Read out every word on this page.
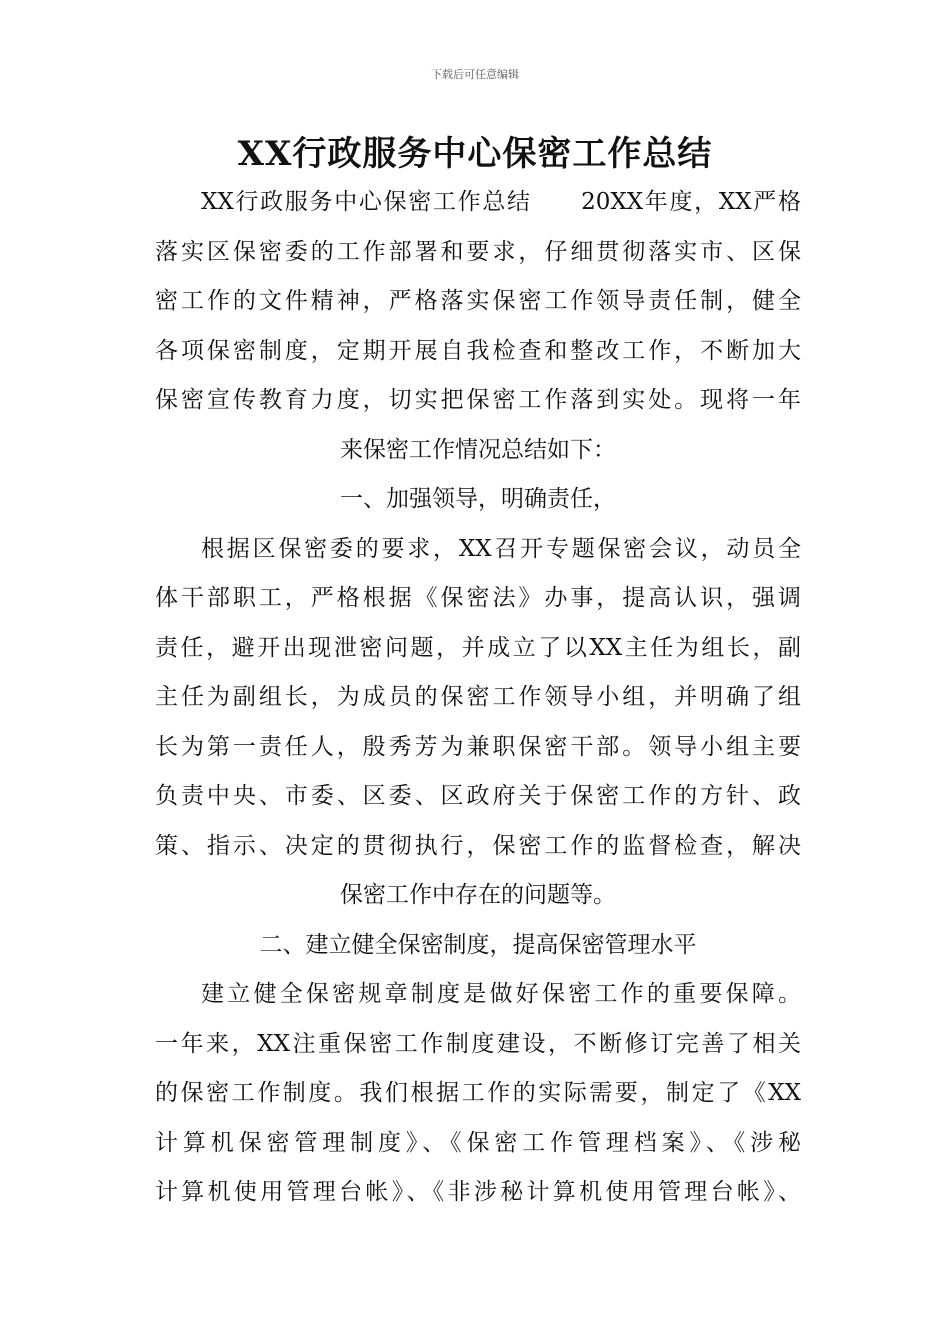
下载后可任意编辑
XX行政服务中心保密工作总结
XX行政服务中心保密工作总结　　20XX年度，XX严格
落实区保密委的工作部署和要求，仔细贯彻落实市、区保
密工作的文件精神，严格落实保密工作领导责任制，健全
各项保密制度，定期开展自我检查和整改工作，不断加大
保密宣传教育力度，切实把保密工作落到实处。现将一年
来保密工作情况总结如下：
一、加强领导，明确责任，
根据区保密委的要求，XX召开专题保密会议，动员全
体干部职工，严格根据《保密法》办事，提高认识，强调
责任，避开出现泄密问题，并成立了以XX主任为组长，副
主任为副组长，为成员的保密工作领导小组，并明确了组
长为第一责任人，殷秀芳为兼职保密干部。领导小组主要
负责中央、市委、区委、区政府关于保密工作的方针、政
策、指示、决定的贯彻执行，保密工作的监督检查，解决
保密工作中存在的问题等。
二、建立健全保密制度，提高保密管理水平
建立健全保密规章制度是做好保密工作的重要保障。
一年来，XX注重保密工作制度建设，不断修订完善了相关
的保密工作制度。我们根据工作的实际需要，制定了《XX
计算机保密管理制度》、《保密工作管理档案》、《涉秘
计算机使用管理台帐》、《非涉秘计算机使用管理台帐》、
